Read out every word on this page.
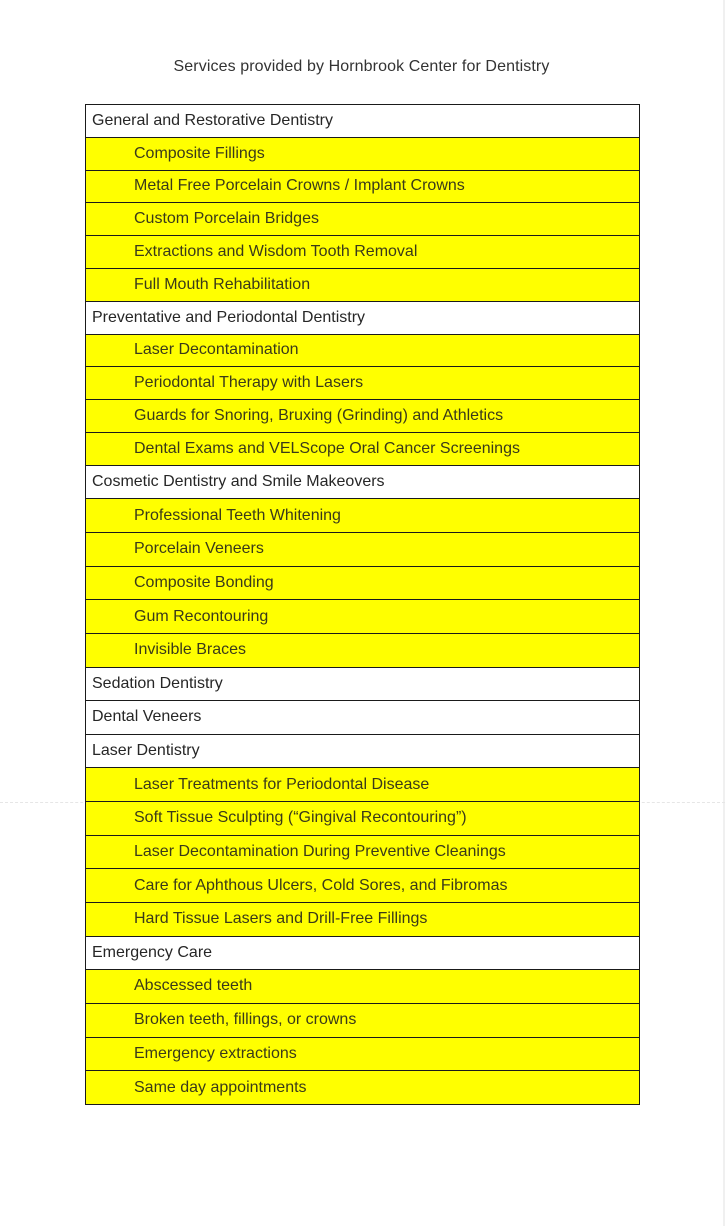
Services provided by Hornbrook Center for Dentistry
General and Restorative Dentistry
Composite Fillings
Metal Free Porcelain Crowns / Implant Crowns
Custom Porcelain Bridges
Extractions and Wisdom Tooth Removal
Full Mouth Rehabilitation
Preventative and Periodontal Dentistry
Laser Decontamination
Periodontal Therapy with Lasers
Guards for Snoring, Bruxing (Grinding) and Athletics
Dental Exams and VELScope Oral Cancer Screenings
Cosmetic Dentistry and Smile Makeovers
Professional Teeth Whitening
Porcelain Veneers
Composite Bonding
Gum Recontouring
Invisible Braces
Sedation Dentistry
Dental Veneers
Laser Dentistry
Laser Treatments for Periodontal Disease
Soft Tissue Sculpting (“Gingival Recontouring”)
Laser Decontamination During Preventive Cleanings
Care for Aphthous Ulcers, Cold Sores, and Fibromas
Hard Tissue Lasers and Drill-Free Fillings
Emergency Care
Abscessed teeth
Broken teeth, fillings, or crowns
Emergency extractions
Same day appointments
